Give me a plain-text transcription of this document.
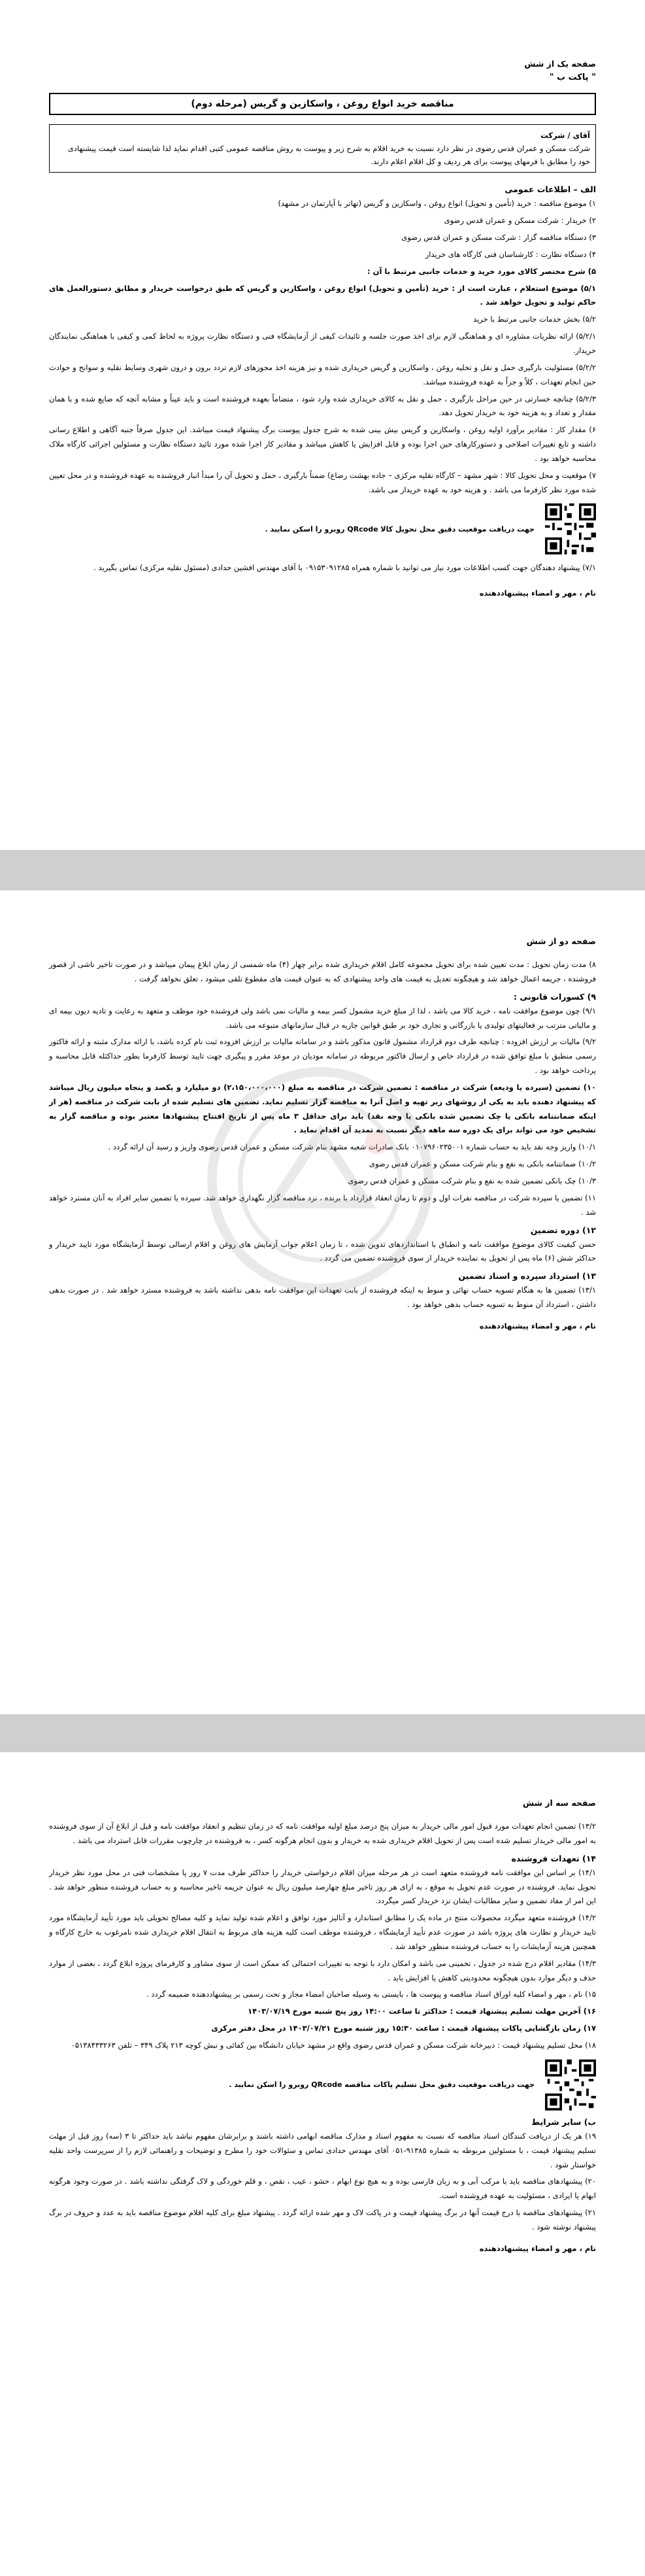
صفحه یک از شش
" پاکت ب "
مناقصه خرید انواع روغن ، واسکازین و گریس (مرحله دوم)
آقای / شرکت
شرکت مسکن و عمران قدس رضوی در نظر دارد نسبت به خرید اقلام به شرح زیر و پیوست به روش مناقصه عمومی کتبی اقدام نماید لذا شایسته است قیمت پیشنهادی خود را مطابق با فرمهای پیوست برای هر ردیف و کل اقلام اعلام دارند.
الف – اطلاعات عمومی
۱) موضوع مناقصه : خرید (تأمین و تحویل) انواع روغن ، واسکازین و گریس (تهاتر با آپارتمان در مشهد)
۲) خریدار : شرکت مسکن و عمران قدس رضوی
۳) دستگاه مناقصه گزار : شرکت مسکن و عمران قدس رضوی
۴) دستگاه نظارت : کارشناسان فنی کارگاه های خریدار
۵) شرح مختصر کالای مورد خرید و خدمات جانبی مرتبط با آن :
۵/۱) موضوع استعلام ، عبارت است از : خرید (تأمین و تحویل) انواع روغن ، واسکازین و گریس که طبق درخواست خریدار و مطابق دستورالعمل های حاکم تولید و تحویل خواهد شد .
۵/۲) بخش خدمات جانبی مرتبط با خرید
۵/۲/۱) ارائه نظریات مشاوره ای و هماهنگی لازم برای اخذ صورت جلسه و تائیدات کیفی از آزمایشگاه فنی و دستگاه نظارت پروژه به لحاظ کمی و کیفی با هماهنگی نمایندگان خریدار.
۵/۲/۲) مسئولیت بارگیری حمل و نقل و تخلیه روغن ، واسکازین و گریس خریداری شده و نیز هزینه اخذ مجوزهای لازم تردد برون و درون شهری وسایط نقلیه و سوانح و حوادث حین انجام تعهدات ، کلاً و جزاً به عهده فروشنده میباشد.
۵/۲/۳) چنانچه خسارتی در حین مراحل بارگیری ، حمل و نقل به کالای خریداری شده وارد شود ، متضاماً بعهده فروشنده است و باید عیناً و مشابه آنچه که ضایع شده و با همان مقدار و تعداد و به هزینه خود به خریدار تحویل دهد.
۶) مقدار کار : مقادیر برآورد اولیه روغن ، واسکازین و گریس بیش بینی شده به شرح جدول پیوست برگ پیشنهاد قیمت میباشد. این جدول صرفاً جنبه آگاهی و اطلاع رسانی داشته و تابع تغییرات اصلاحی و دستورکارهای حین اجرا بوده و قابل افزایش یا کاهش میباشد و مقادیر کار اجرا شده مورد تائید دستگاه نظارت و مسئولین اجرائی کارگاه ملاک محاسبه خواهد بود .
۷) موقعیت و محل تحویل کالا : شهر مشهد – کارگاه نقلیه مرکزی – جاده بهشت رضاع) ضمناً بارگیری ، حمل و تحویل آن را مبدأ انبار فروشنده به عهده فروشنده و در محل تعیین شده مورد نظر کارفرما می باشد . و هزینه خود به عهده خریدار می باشد.
جهت دریافت موقعیت دقیق محل تحویل کالا QRcode روبرو را اسکن نمایید .
۷/۱) پیشنهاد دهندگان جهت کسب اطلاعات مورد نیاز می توانید با شماره همراه ۰۹۱۵۳۰۹۱۲۸۵ با آقای مهندس افشین حدادی (مسئول نقلیه مرکزی) تماس بگیرید .
نام ، مهر و امضاء پیشنهاددهنده
صفحه دو از شش
۸) مدت زمان تحویل : مدت تعیین شده برای تحویل مجموعه کامل اقلام خریداری شده برابر چهار (۴) ماه شمسی از زمان ابلاغ پیمان میباشد و در صورت تاخیر ناشی از قصور فروشنده ، جریمه اعمال خواهد شد و هیچگونه تعدیل به قیمت های واحد پیشنهادی که به عنوان قیمت های مقطوع تلقی میشود ، تعلق نخواهد گرفت .
۹) کسورات قانونی :
۹/۱) چون موضوع موافقت نامه ، خرید کالا می باشد ، لذا از مبلغ خرید مشمول کسر بیمه و مالیات نمی باشد ولی فروشنده خود موظف و متعهد به رعایت و تادیه دیون بیمه ای و مالیاتی مترتب بر فعالیتهای تولیدی یا بازرگانی و تجاری خود بر طبق قوانین جاریه در قبال سازمانهای متبوعه می باشد.
۹/۲) مالیات بر ارزش افزوده : چنانچه طرف دوم قرارداد مشمول قانون مذکور باشد و در سامانه مالیات بر ارزش افزوده ثبت نام کرده باشد، با ارائه مدارک مثبته و ارائه فاکتور رسمی منطبق با مبلغ توافق شده در قرارداد خاص و ارسال فاکتور مربوطه در سامانه مودیان در موعد مقرر و پیگیری جهت تایید توسط کارفرما بطور حداکثله قابل محاسبه و پرداخت خواهد بود .
۱۰) تضمین (سپرده یا ودیعه) شرکت در مناقصه : تضمین شرکت در مناقصه به مبلغ (۲،۱۵۰،۰۰۰،۰۰۰) دو میلیارد و یکصد و پنجاه میلیون ریال میباشد که پیشنهاد دهنده باید به یکی از روشهای زیر تهیه و اصل آنرا به مناقصه گزار تسلیم نماید. تضمین های تسلیم شده از بابت شرکت در مناقصه (هر از اینکه ضمانتنامه بانکی یا چک تضمین شده بانکی یا وجه نقد) باید برای حداقل ۳ ماه پس از تاریخ افتتاح پیشنهادها معتبر بوده و مناقصه گزار به تشخیص خود می تواند برای یک دوره سه ماهه دیگر نسبت به تمدید آن اقدام نماید .
۱۰/۱) واریز وجه نقد باید به حساب شماره ۰۱۰۷۹۶۰۲۳۵۰۰۱ بانک صادرات شعبه مشهد بنام شرکت مسکن و عمران قدس رضوی واریز و رسید آن ارائه گردد .
۱۰/۲) ضمانتنامه بانکی به نفع و بنام شرکت مسکن و عمران قدس رضوی
۱۰/۳) چک بانکی تضمین شده به نفع و بنام شرکت مسکن و عمران قدس رضوی
۱۱) تضمین یا سپرده شرکت در مناقصه نفرات اول و دوم تا زمان انعقاد قرارداد با برنده ، نزد مناقصه گزار نگهداری خواهد شد. سپرده یا تضمین سایر افراد به آنان مسترد خواهد شد .
۱۲) دوره تضمین
حسن کیفیت کالای موضوع موافقت نامه و انطباق با استانداردهای تدوین شده ، تا زمان اعلام جواب آزمایش های روغن و اقلام ارسالی توسط آزمایشگاه مورد تایید خریدار و حداکثر شش (۶) ماه پس از تحویل به نماینده خریدار از سوی فروشنده تضمین می گردد .
۱۳) استرداد سپرده و اسناد تضمین
۱۳/۱) تضمین ها به هنگام تسویه حساب نهائی و منوط به اینکه فروشنده از بابت تعهدات این موافقت نامه بدهی نداشته باشد به فروشنده مسترد خواهد شد . در صورت بدهی داشتن ، استرداد آن منوط به تسویه حساب بدهی خواهد بود .
نام ، مهر و امضاء پیشنهاددهنده
صفحه سه از شش
۱۳/۲) تضمین انجام تعهدات مورد قبول امور مالی خریدار به میزان پنج درصد مبلغ اولیه موافقت نامه که در زمان تنظیم و انعقاد موافقت نامه و قبل از ابلاغ آن از سوی فروشنده به امور مالی خریدار تسلیم شده است پس از تحویل اقلام خریداری شده به خریدار و بدون انجام هرگونه کسر ، به فروشنده در چارچوب مقررات قابل استرداد می باشد .
۱۴) تعهدات فروشنده
۱۴/۱) بر اساس این موافقت نامه فروشنده متعهد است در هر مرحله میزان اقلام درخواستی خریدار را حداکثر طرف مدت ۷ روز پا مشخصات فنی در محل مورد نظر خریدار تحویل نماید. فروشنده در صورت عدم تحویل به موقع ، به ازای هر روز تاخیر مبلغ چهارصد میلیون ریال به عنوان جریمه تاخیر محاسبه و به حساب فروشنده منظور خواهد شد . این امر از مفاد تضمین و سایر مطالبات ایشان نزد خریدار کسر میگردد.
۱۴/۲) فروشنده متعهد میگردد محصولات منتج در ماده یک را مطابق استاندارد و آنالیز مورد توافق و اعلام شده تولید نماید و کلیه مصالح تحویلی باید مورد تأیید آزمایشگاه مورد تایید خریدار و نظارت های پروژه باشد در صورت عدم تأیید آزمایشگاه ، فروشنده موظف است کلیه هزینه های مربوط به انتقال اقلام خریداری شده نامرغوب به خارج کارگاه و همچنین هزینه آزمایشات را به حساب فروشنده منظور خواهد شد .
۱۴/۳) مقادیر اقلام درج شده در جدول ، تخمینی می باشد و امکان دارد با توجه به تغییرات احتمالی که ممکن است از سوی مشاور و کارفرمای پروژه ابلاغ گردد ، بعضی از موارد حذف و دیگر موارد بدون هیچگونه محدودیتی کاهش یا افزایش یابد .
۱۵) نام ، مهر و امضاء کلیه اوراق اسناد مناقصه و پیوست ها ، بایستی به وسیله صاحبان امضاء مجاز و تحت رسمی بر پیشنهاددهنده ضمیمه گردد .
۱۶) آخرین مهلت تسلیم پیشنهاد قیمت : حداکثر تا ساعت ۱۴:۰۰ روز پنج شنبه مورخ ۱۴۰۳/۰۷/۱۹
۱۷) زمان بازگشایی پاکات پیشنهاد قیمت : ساعت ۱۵:۳۰ روز شنبه مورخ ۱۴۰۳/۰۷/۲۱ در محل دفتر مرکزی
۱۸) محل تسلیم پیشنهاد قیمت : دبیرخانه شرکت مسکن و عمران قدس رضوی واقع در مشهد خیابان دانشگاه بین کفائی و نبش کوچه ۲۱۳ پلاک ۳۴۹ – تلفن ۰۵۱۳۸۴۳۳۲۶۳
جهت دریافت موقعیت دقیق محل تسلیم پاکات مناقصه QRcode روبرو را اسکن نمایید .
ب) سایر شرایط
۱۹) هر یک از دریافت کنندگان اسناد مناقصه که نسبت به مفهوم اسناد و مدارک مناقصه ابهامی داشته باشند و برابرشان مفهوم نباشد باید حداکثر تا ۳ (سه) روز قبل از مهلت تسلیم پیشنهاد قیمت ، با مسئولین مربوطه به شماره ۹۱۳۸۵-۰۵۱ آقای مهندس حدادی تماس و سئوالات خود را مطرح و توضیحات و راهنمائی لازم را از سرپرست واحد نقلیه خواستار شود .
۲۰) پیشنهادهای مناقصه باید با مرکب آبی و به زبان فارسی بوده و به هیچ نوع ابهام ، حشو ، عیب ، نقص ، و قلم خوردگی و لاک گرفتگی نداشته باشد . در صورت وجود هرگونه ابهام یا ایرادی ، مسئولیت به عهده فروشنده است.
۲۱) پیشنهادهای مناقصه با درج قیمت آنها در برگ پیشنهاد قیمت و در پاکت لاک و مهر شده ارائه گردد . پیشنهاد مبلغ برای کلیه اقلام موضوع مناقصه باید به عدد و حروف در برگ پیشنهاد نوشته شود .
نام ، مهر و امضاء پیشنهاددهنده
